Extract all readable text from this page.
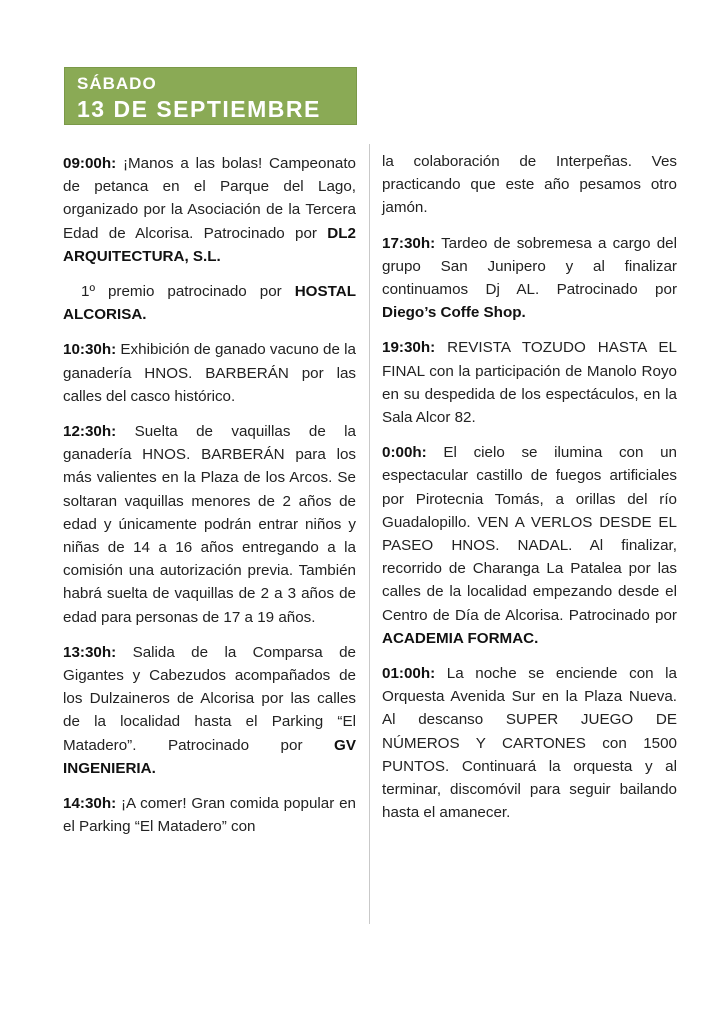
SÁBADO
13 DE SEPTIEMBRE

09:00h: ¡Manos a las bolas! Campeonato de petanca en el Parque del Lago, organizado por la Asociación de la Tercera Edad de Alcorisa. Patrocinado por DL2 ARQUITECTURA, S.L.

1º premio patrocinado por HOSTAL ALCORISA.

10:30h: Exhibición de ganado vacuno de la ganadería HNOS. BARBERÁN por las calles del casco histórico.

12:30h: Suelta de vaquillas de la ganadería HNOS. BARBERÁN para los más valientes en la Plaza de los Arcos. Se soltaran vaquillas menores de 2 años de edad y únicamente podrán entrar niños y niñas de 14 a 16 años entregando a la comisión una autorización previa. También habrá suelta de vaquillas de 2 a 3 años de edad para personas de 17 a 19 años.

13:30h: Salida de la Comparsa de Gigantes y Cabezudos acompañados de los Dulzaineros de Alcorisa por las calles de la localidad hasta el Parking “El Matadero”. Patrocinado por GV INGENIERIA.

14:30h: ¡A comer! Gran comida popular en el Parking “El Matadero” con

la colaboración de Interpeñas. Ves practicando que este año pesamos otro jamón.

17:30h: Tardeo de sobremesa a cargo del grupo San Junipero y al finalizar continuamos Dj AL. Patrocinado por Diego’s Coffe Shop.

19:30h: REVISTA TOZUDO HASTA EL FINAL con la participación de Manolo Royo en su despedida de los espectáculos, en la Sala Alcor 82.

0:00h: El cielo se ilumina con un espectacular castillo de fuegos artificiales por Pirotecnia Tomás, a orillas del río Guadalopillo. VEN A VERLOS DESDE EL PASEO HNOS. NADAL. Al finalizar, recorrido de Charanga La Patalea por las calles de la localidad empezando desde el Centro de Día de Alcorisa. Patrocinado por ACADEMIA FORMAC.

01:00h: La noche se enciende con la Orquesta Avenida Sur en la Plaza Nueva. Al descanso SUPER JUEGO DE NÚMEROS Y CARTONES con 1500 PUNTOS. Continuará la orquesta y al terminar, discomóvil para seguir bailando hasta el amanecer.
